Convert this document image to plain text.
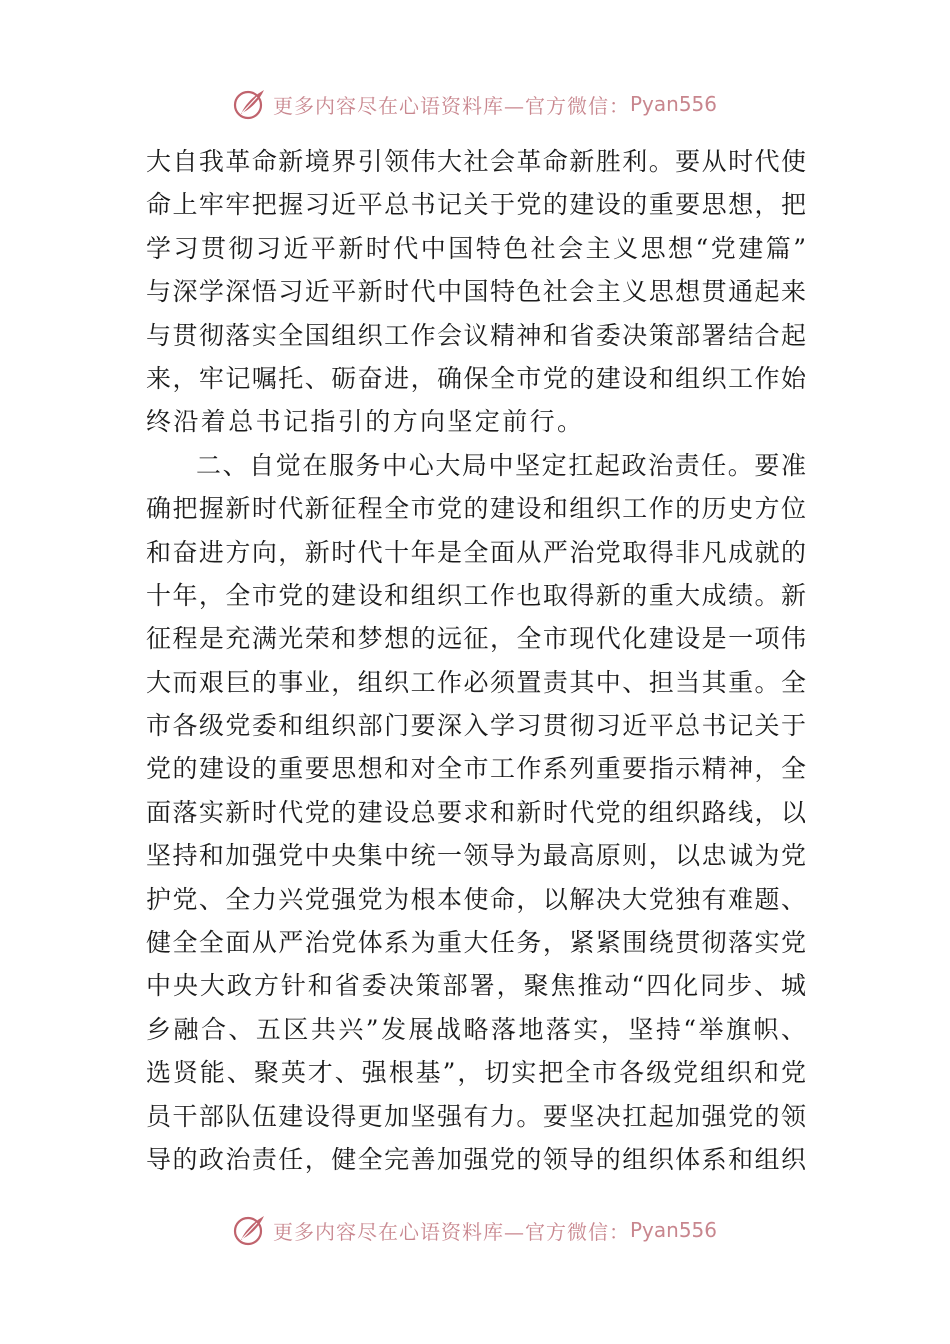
更多内容尽在心语资料库—官方微信： Pyan556
大自我革命新境界引领伟大社会革命新胜利。要从时代使
命上牢牢把握习近平总书记关于党的建设的重要思想，把
学习贯彻习近平新时代中国特色社会主义思想“党建篇”
与深学深悟习近平新时代中国特色社会主义思想贯通起来
与贯彻落实全国组织工作会议精神和省委决策部署结合起
来，牢记嘱托、砺奋进，确保全市党的建设和组织工作始
终沿着总书记指引的方向坚定前行。
二、自觉在服务中心大局中坚定扛起政治责任。要准
确把握新时代新征程全市党的建设和组织工作的历史方位
和奋进方向，新时代十年是全面从严治党取得非凡成就的
十年，全市党的建设和组织工作也取得新的重大成绩。新
征程是充满光荣和梦想的远征，全市现代化建设是一项伟
大而艰巨的事业，组织工作必须置责其中、担当其重。全
市各级党委和组织部门要深入学习贯彻习近平总书记关于
党的建设的重要思想和对全市工作系列重要指示精神，全
面落实新时代党的建设总要求和新时代党的组织路线，以
坚持和加强党中央集中统一领导为最高原则，以忠诚为党
护党、全力兴党强党为根本使命，以解决大党独有难题、
健全全面从严治党体系为重大任务，紧紧围绕贯彻落实党
中央大政方针和省委决策部署，聚焦推动“四化同步、城
乡融合、五区共兴”发展战略落地落实，坚持“举旗帜、
选贤能、聚英才、强根基”，切实把全市各级党组织和党
员干部队伍建设得更加坚强有力。要坚决扛起加强党的领
导的政治责任，健全完善加强党的领导的组织体系和组织
更多内容尽在心语资料库—官方微信： Pyan556
